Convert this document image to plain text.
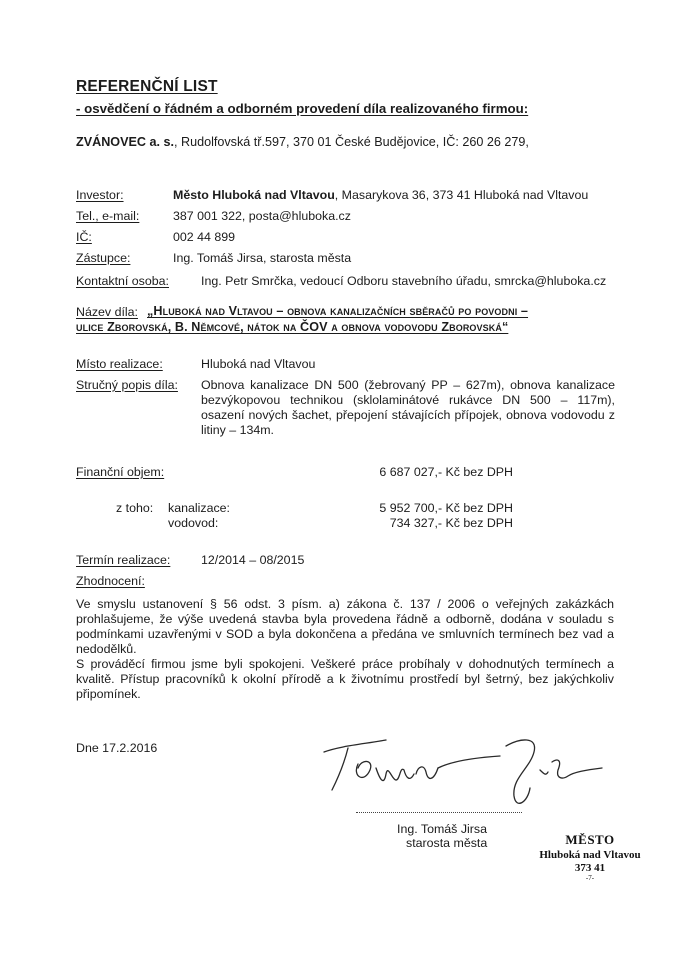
REFERENČNÍ LIST
- osvědčení o řádném a odborném provedení díla realizovaného firmou:
ZVÁNOVEC a. s., Rudolfovská tř.597, 370 01 České Budějovice, IČ: 260 26 279,
Investor:	Město Hluboká nad Vltavou, Masarykova 36, 373 41 Hluboká nad Vltavou
Tel., e-mail:	387 001 322, posta@hluboka.cz
IČ:	002 44 899
Zástupce:	Ing. Tomáš Jirsa, starosta města
Kontaktní osoba:	Ing. Petr Smrčka, vedoucí Odboru stavebního úřadu, smrcka@hluboka.cz
Název díla: „Hluboká nad Vltavou – obnova kanalizačních sběračů po povodni –
ulice Zborovská, B. Němcové, nátok na ČOV a obnova vodovodu Zborovská“
Místo realizace:	Hluboká nad Vltavou
Stručný popis díla: Obnova kanalizace DN 500 (žebrovaný PP – 627m), obnova kanalizace bezvýkopovou technikou (sklolaminátové rukávce DN 500 – 117m), osazení nových šachet, přepojení stávajících přípojek, obnova vodovodu z litiny – 134m.
Finanční objem:	6 687 027,- Kč bez DPH
z toho: kanalizace:	5 952 700,- Kč bez DPH
vodovod:	734 327,- Kč bez DPH
Termín realizace: 12/2014 – 08/2015
Zhodnocení:
Ve smyslu ustanovení § 56 odst. 3 písm. a) zákona č. 137 / 2006 o veřejných zakázkách prohlašujeme, že výše uvedená stavba byla provedena řádně a odborně, dodána v souladu s podmínkami uzavřenými v SOD a byla dokončena a předána ve smluvních termínech bez vad a nedodělků.
S prováděcí firmou jsme byli spokojeni. Veškeré práce probíhaly v dohodnutých termínech a kvalitě. Přístup pracovníků k okolní přírodě a k životnímu prostředí byl šetrný, bez jakýchkoliv připomínek.
Dne 17.2.2016
Ing. Tomáš Jirsa
starosta města	MĚSTO
Hluboká nad Vltavou
373 41
-7-
